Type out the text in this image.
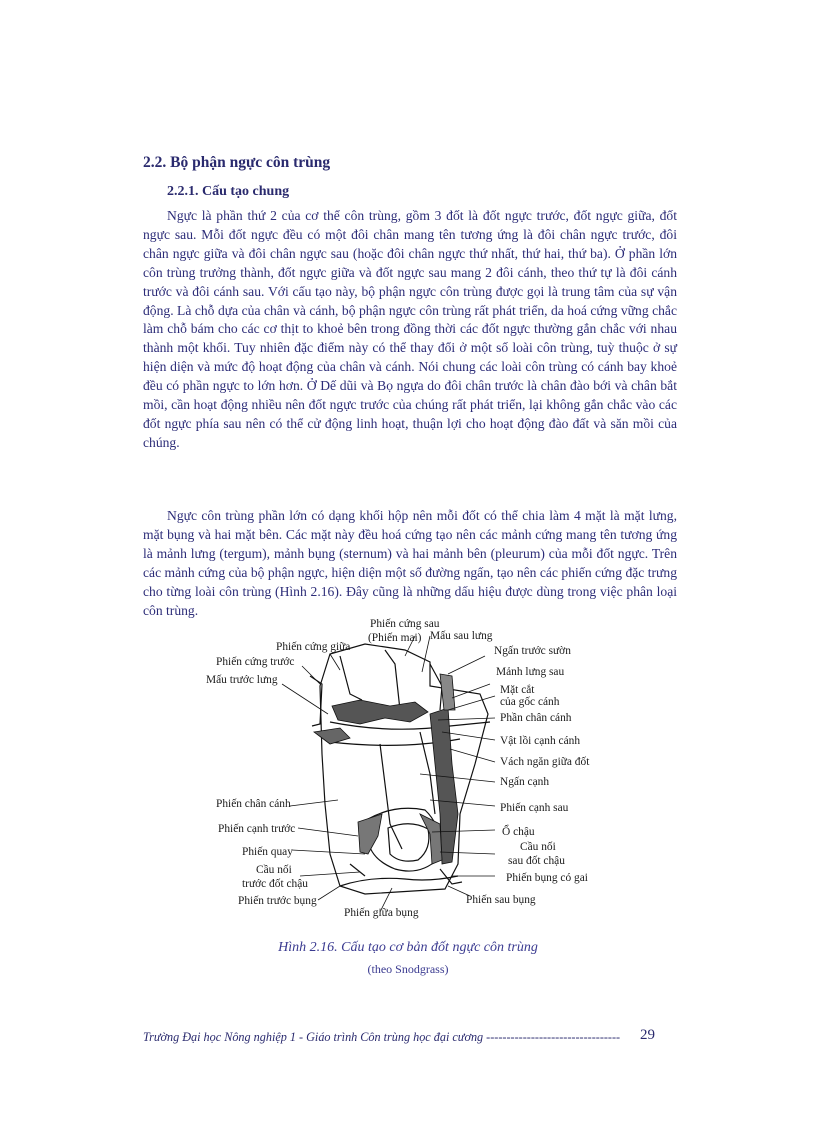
2.2. Bộ phận ngực côn trùng
2.2.1. Cấu tạo chung

Ngực là phần thứ 2 của cơ thể côn trùng, gồm 3 đốt là đốt ngực trước, đốt ngực giữa, đốt ngực sau. Mỗi đốt ngực đều có một đôi chân mang tên tương ứng là đôi chân ngực trước, đôi chân ngực giữa và đôi chân ngực sau (hoặc đôi chân ngực thứ nhất, thứ hai, thứ ba). Ở phần lớn côn trùng trưởng thành, đốt ngực giữa và đốt ngực sau mang 2 đôi cánh, theo thứ tự là đôi cánh trước và đôi cánh sau. Với cấu tạo này, bộ phận ngực côn trùng được gọi là trung tâm của sự vận động. Là chỗ dựa của chân và cánh, bộ phận ngực côn trùng rất phát triển, da hoá cứng vững chắc làm chỗ bám cho các cơ thịt to khoẻ bên trong đồng thời các đốt ngực thường gắn chắc với nhau thành một khối. Tuy nhiên đặc điểm này có thể thay đổi ở một số loài côn trùng, tuỳ thuộc ở sự hiện diện và mức độ hoạt động của chân và cánh. Nói chung các loài côn trùng có cánh bay khoẻ đều có phần ngực to lớn hơn. Ở Dế dũi và Bọ ngựa do đôi chân trước là chân đào bới và chân bắt mồi, cần hoạt động nhiều nên đốt ngực trước của chúng rất phát triển, lại không gắn chắc vào các đốt ngực phía sau nên có thể cử động linh hoạt, thuận lợi cho hoạt động đào đất và săn mồi của chúng.

Ngực côn trùng phần lớn có dạng khối hộp nên mỗi đốt có thể chia làm 4 mặt là mặt lưng, mặt bụng và hai mặt bên. Các mặt này đều hoá cứng tạo nên các mảnh cứng mang tên tương ứng là mảnh lưng (tergum), mảnh bụng (sternum) và hai mảnh bên (pleurum) của mỗi đốt ngực. Trên các mảnh cứng của bộ phận ngực, hiện diện một số đường ngấn, tạo nên các phiến cứng đặc trưng cho từng loài côn trùng (Hình 2.16). Đây cũng là những dấu hiệu được dùng trong việc phân loại côn trùng.

Phiến cứng sau
(Phiến mai) Mấu sau lưng
Phiến cứng giữa	Ngấn trước sườn
Phiến cứng trước
Mảnh lưng sau
Mấu trước lưng
Mặt cắt
của gốc cánh
Phần chân cánh
Vật lồi cạnh cánh
Vách ngăn giữa đốt
Ngấn cạnh
Phiến chân cánh	Phiến cạnh sau
Phiến cạnh trước	Ổ chậu
Cầu nối
Phiến quay
sau đốt chậu
Cầu nối
Phiến bụng có gai
trước đốt chậu
Phiến trước bụng	Phiến sau bụng
Phiến giữa bụng
Hình 2.16. Cấu tạo cơ bản đốt ngực côn trùng
(theo Snodgrass)
Trường Đại học Nông nghiệp 1 - Giáo trình Côn trùng học đại cương --------------------------------- 29
